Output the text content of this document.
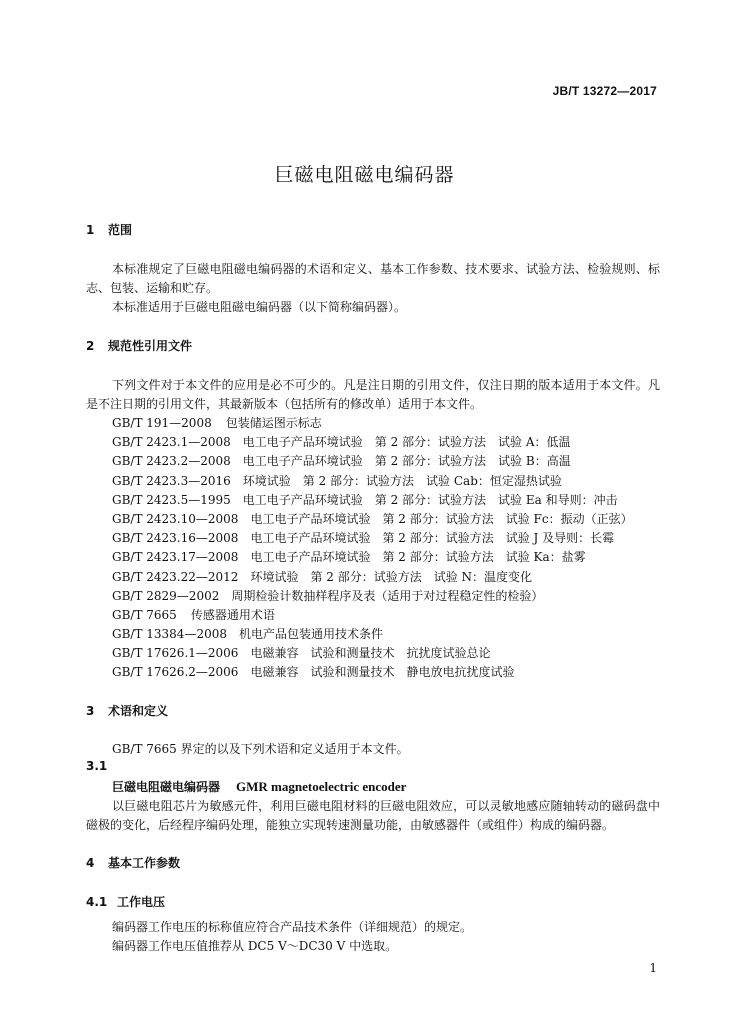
JB/T 13272—2017
巨磁电阻磁电编码器
1 范围
本标准规定了巨磁电阻磁电编码器的术语和定义、基本工作参数、技术要求、试验方法、检验规则、标志、包装、运输和贮存。
本标准适用于巨磁电阻磁电编码器（以下简称编码器）。
2 规范性引用文件
下列文件对于本文件的应用是必不可少的。凡是注日期的引用文件，仅注日期的版本适用于本文件。凡是不注日期的引用文件，其最新版本（包括所有的修改单）适用于本文件。
GB/T 191—2008 包装储运图示标志
GB/T 2423.1—2008 电工电子产品环境试验　第 2 部分：试验方法　试验 A：低温
GB/T 2423.2—2008 电工电子产品环境试验　第 2 部分：试验方法　试验 B：高温
GB/T 2423.3—2016 环境试验　第 2 部分：试验方法　试验 Cab：恒定湿热试验
GB/T 2423.5—1995 电工电子产品环境试验　第 2 部分：试验方法　试验 Ea 和导则：冲击
GB/T 2423.10—2008 电工电子产品环境试验　第 2 部分：试验方法　试验 Fc：振动（正弦）
GB/T 2423.16—2008 电工电子产品环境试验　第 2 部分：试验方法　试验 J 及导则：长霉
GB/T 2423.17—2008 电工电子产品环境试验　第 2 部分：试验方法　试验 Ka：盐雾
GB/T 2423.22—2012 环境试验　第 2 部分：试验方法　试验 N：温度变化
GB/T 2829—2002 周期检验计数抽样程序及表（适用于对过程稳定性的检验）
GB/T 7665 传感器通用术语
GB/T 13384—2008 机电产品包装通用技术条件
GB/T 17626.1—2006 电磁兼容　试验和测量技术　抗扰度试验总论
GB/T 17626.2—2006 电磁兼容　试验和测量技术　静电放电抗扰度试验
3 术语和定义
GB/T 7665 界定的以及下列术语和定义适用于本文件。
3.1
巨磁电阻磁电编码器 GMR magnetoelectric encoder
以巨磁电阻芯片为敏感元件，利用巨磁电阻材料的巨磁电阻效应，可以灵敏地感应随轴转动的磁码盘中磁极的变化，后经程序编码处理，能独立实现转速测量功能，由敏感器件（或组件）构成的编码器。
4 基本工作参数
4.1 工作电压
编码器工作电压的标称值应符合产品技术条件（详细规范）的规定。
编码器工作电压值推荐从 DC5 V～DC30 V 中选取。
1
